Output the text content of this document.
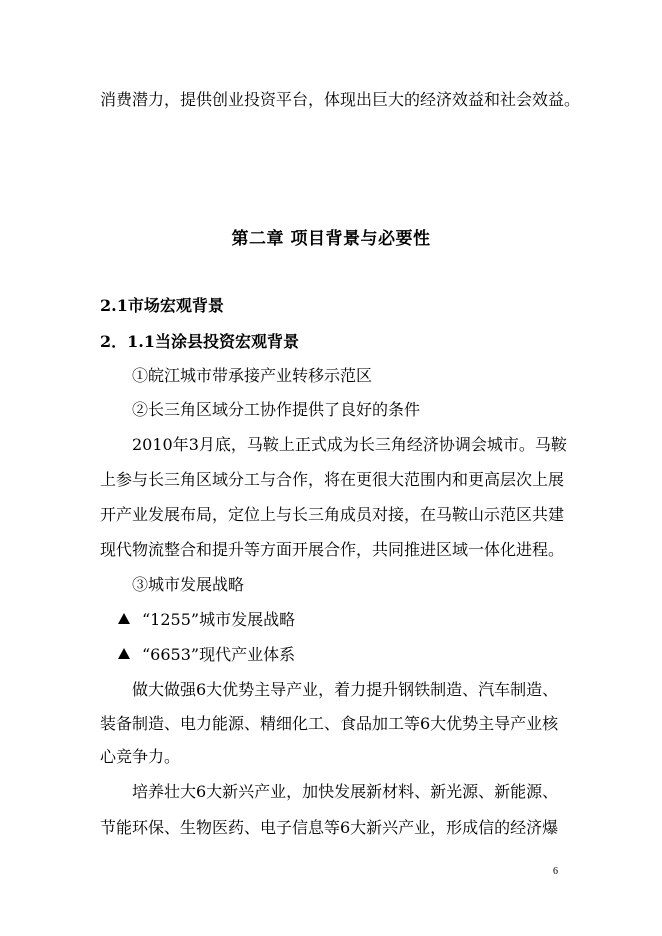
消费潜力，提供创业投资平台，体现出巨大的经济效益和社会效益。
第二章 项目背景与必要性
2.1市场宏观背景
2．1.1当涂县投资宏观背景
①皖江城市带承接产业转移示范区
②长三角区域分工协作提供了良好的条件
2010年3月底，马鞍上正式成为长三角经济协调会城市。马鞍
上参与长三角区域分工与合作，将在更很大范围内和更高层次上展
开产业发展布局，定位上与长三角成员对接，在马鞍山示范区共建
现代物流整合和提升等方面开展合作，共同推进区域一体化进程。
③城市发展战略
“1255”城市发展战略
“6653”现代产业体系
做大做强6大优势主导产业，着力提升钢铁制造、汽车制造、
装备制造、电力能源、精细化工、食品加工等6大优势主导产业核
心竞争力。
培养壮大6大新兴产业，加快发展新材料、新光源、新能源、
节能环保、生物医药、电子信息等6大新兴产业，形成信的经济爆
6
